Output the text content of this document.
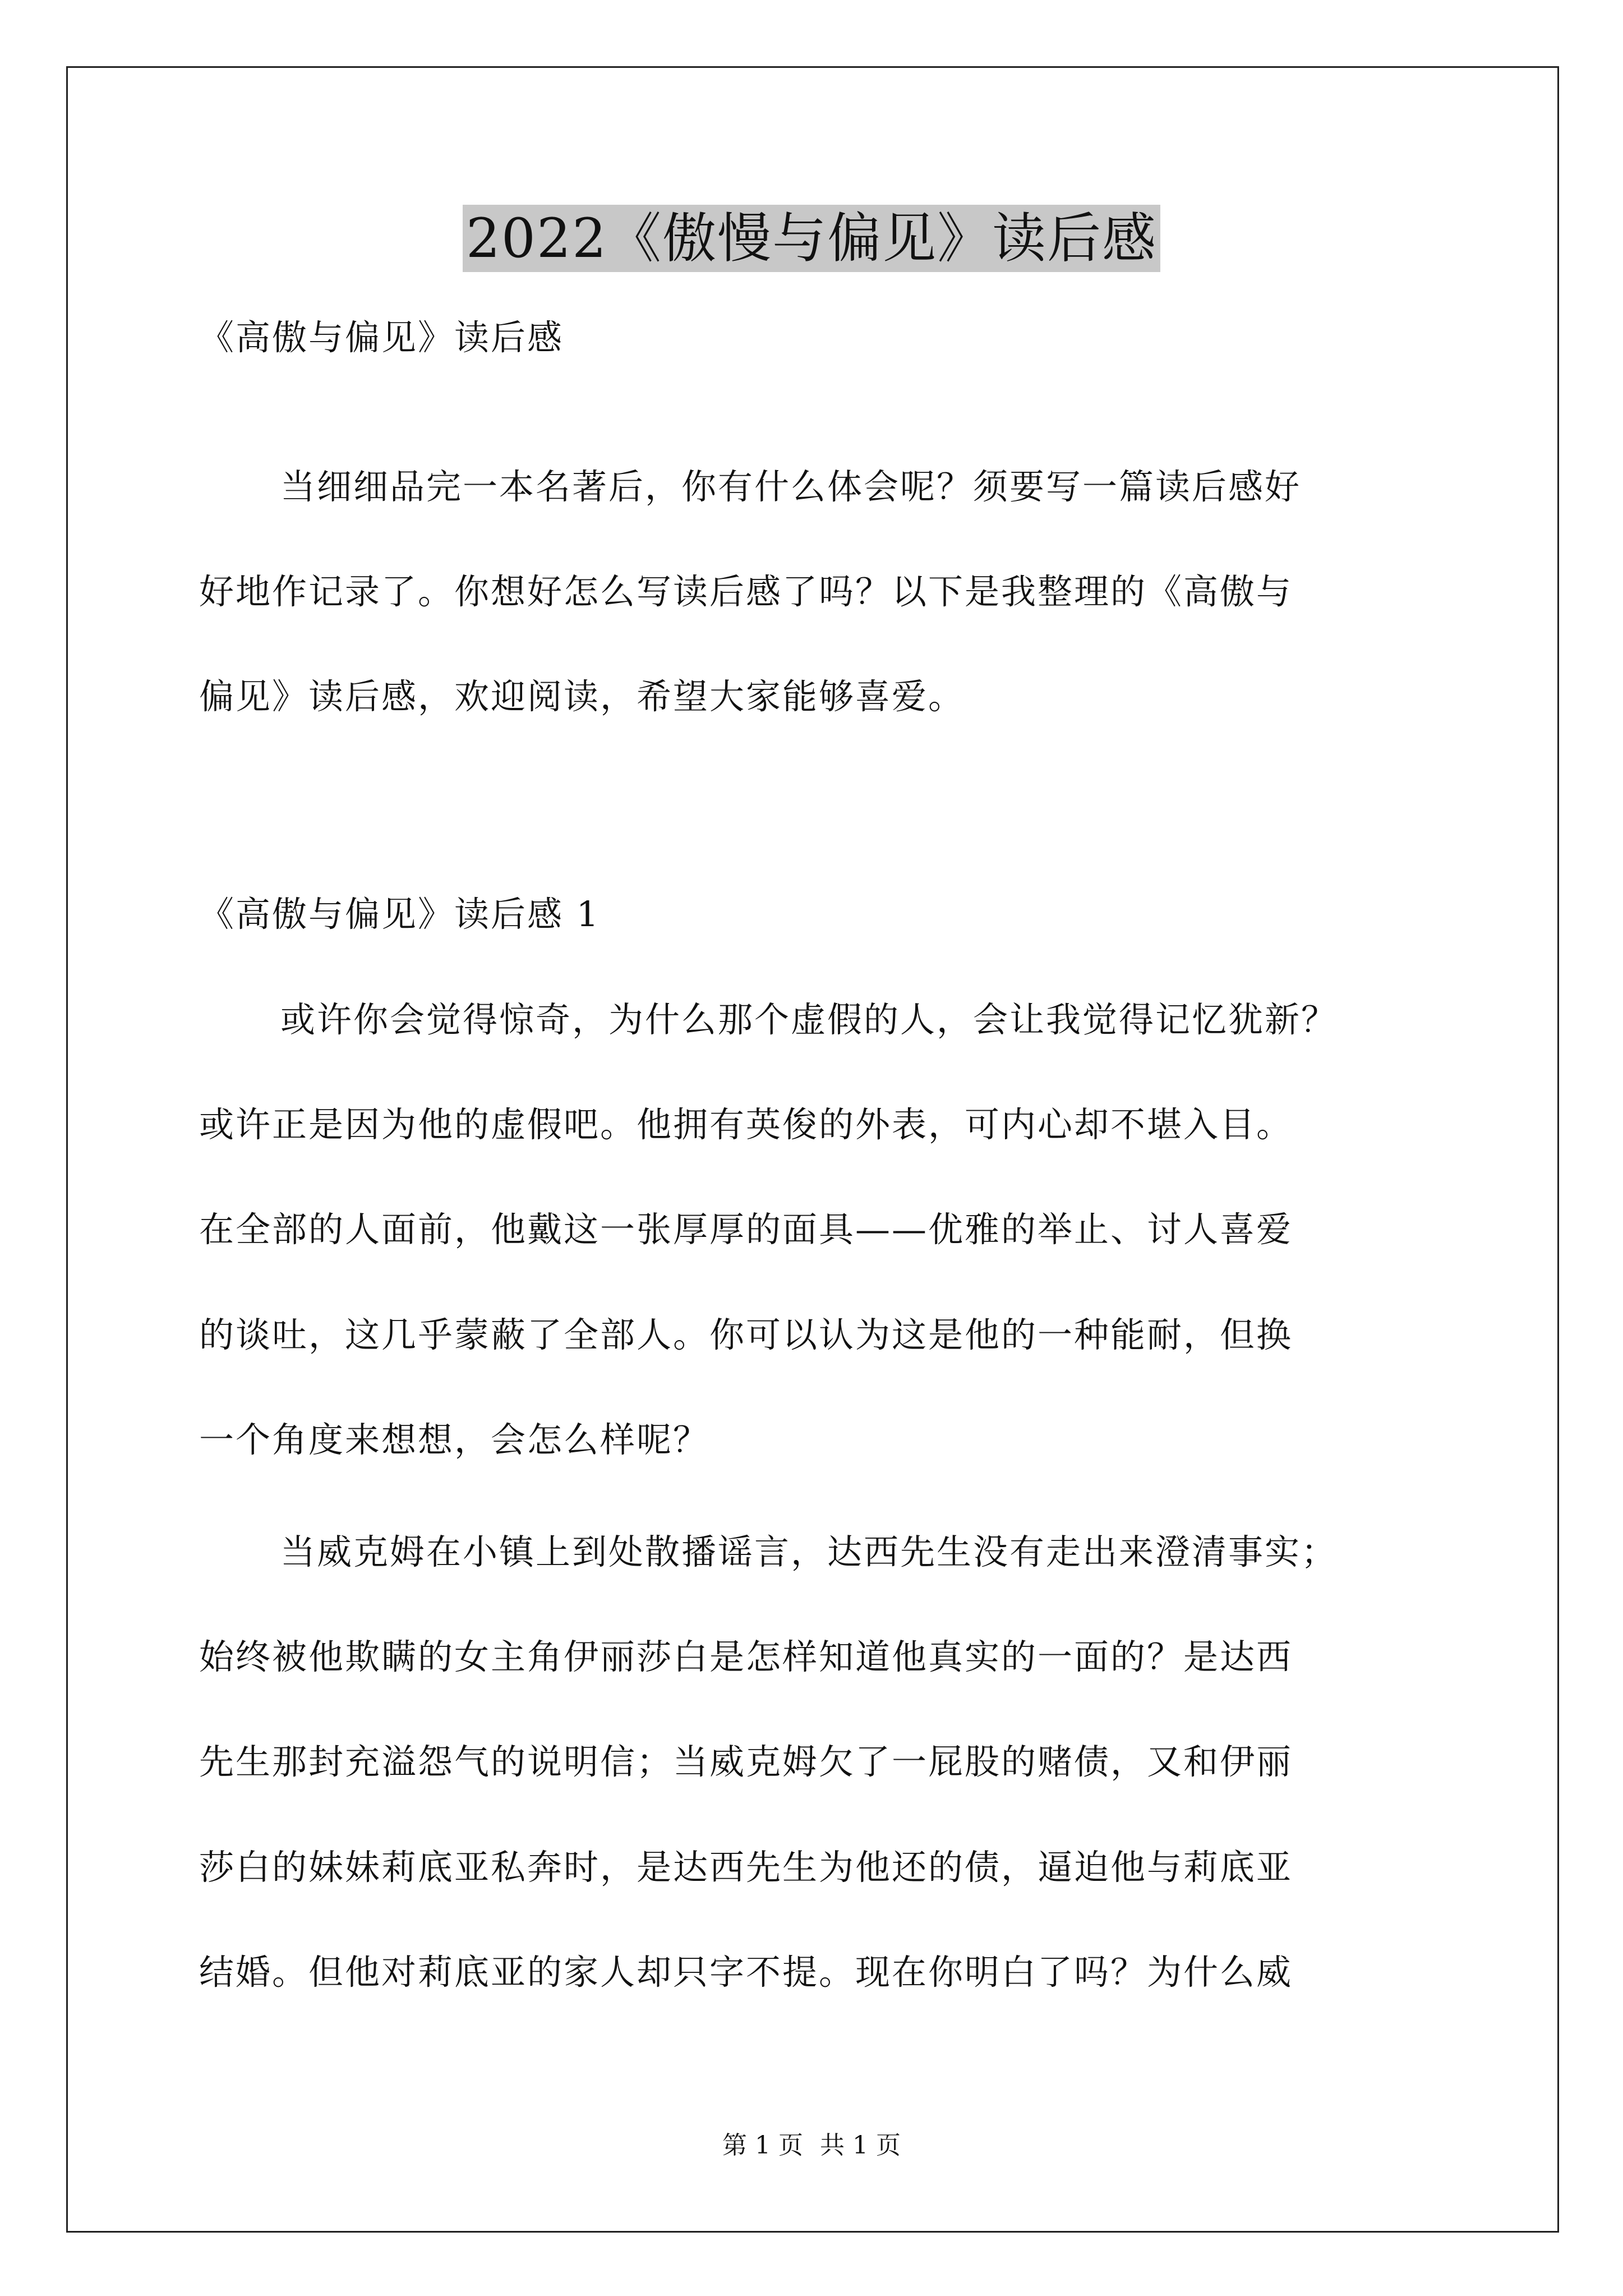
2022《傲慢与偏见》读后感
《高傲与偏见》读后感
当细细品完一本名著后，你有什么体会呢？须要写一篇读后感好
好地作记录了。你想好怎么写读后感了吗？以下是我整理的《高傲与
偏见》读后感，欢迎阅读，希望大家能够喜爱。
《高傲与偏见》读后感 1
或许你会觉得惊奇，为什么那个虚假的人，会让我觉得记忆犹新？
或许正是因为他的虚假吧。他拥有英俊的外表，可内心却不堪入目。
在全部的人面前，他戴这一张厚厚的面具——优雅的举止、讨人喜爱
的谈吐，这几乎蒙蔽了全部人。你可以认为这是他的一种能耐，但换
一个角度来想想，会怎么样呢？
当威克姆在小镇上到处散播谣言，达西先生没有走出来澄清事实；
始终被他欺瞒的女主角伊丽莎白是怎样知道他真实的一面的？是达西
先生那封充溢怨气的说明信；当威克姆欠了一屁股的赌债，又和伊丽
莎白的妹妹莉底亚私奔时，是达西先生为他还的债，逼迫他与莉底亚
结婚。但他对莉底亚的家人却只字不提。现在你明白了吗？为什么威
第 1 页 共 1 页
